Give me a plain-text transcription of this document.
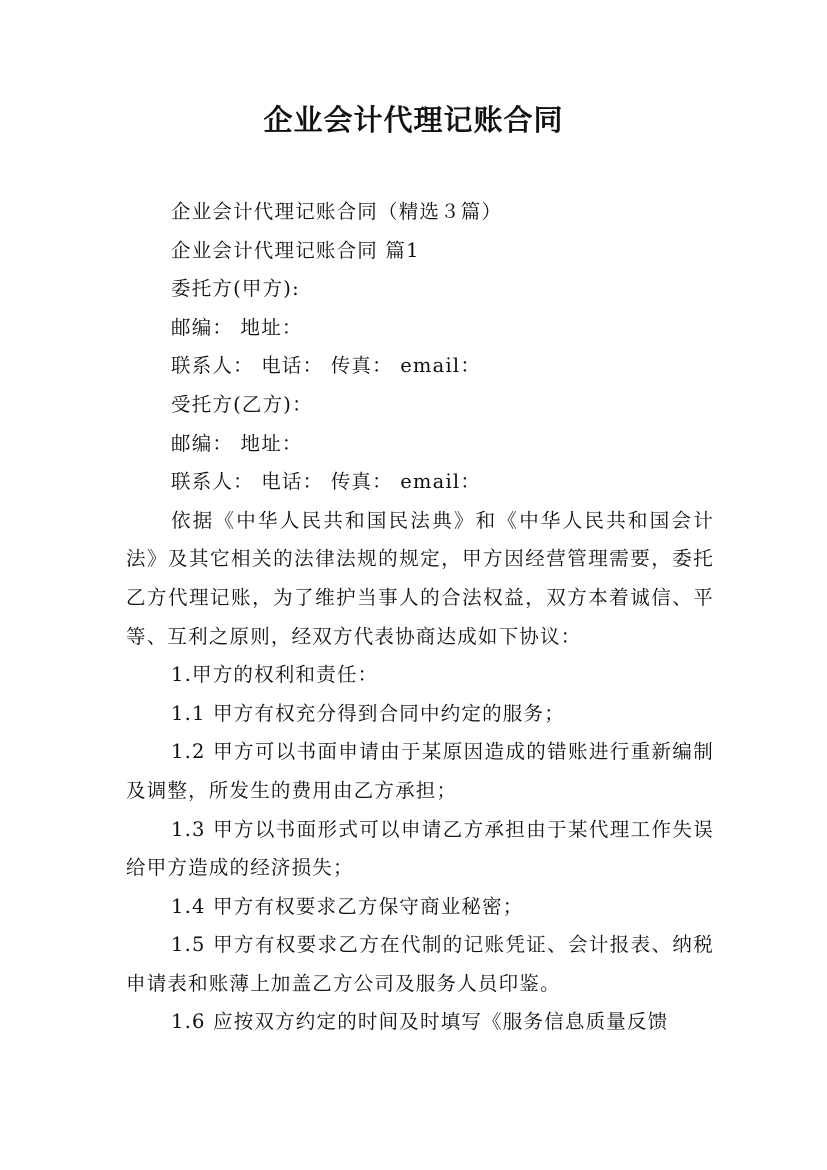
企业会计代理记账合同
企业会计代理记账合同（精选３篇）
企业会计代理记账合同 篇1
委托方(甲方):
邮编： 地址：
联系人： 电话： 传真： email：
受托方(乙方)：
邮编： 地址：
联系人： 电话： 传真： email：

依据《中华人民共和国民法典》和《中华人民共和国会计法》及其它相关的法律法规的规定，甲方因经营管理需要，委托乙方代理记账，为了维护当事人的合法权益，双方本着诚信、平等、互利之原则，经双方代表协商达成如下协议：

1.甲方的权利和责任：

1.1 甲方有权充分得到合同中约定的服务；

1.2 甲方可以书面申请由于某原因造成的错账进行重新编制及调整，所发生的费用由乙方承担；

1.3 甲方以书面形式可以申请乙方承担由于某代理工作失误给甲方造成的经济损失；

1.4 甲方有权要求乙方保守商业秘密；

1.5 甲方有权要求乙方在代制的记账凭证、会计报表、纳税申请表和账薄上加盖乙方公司及服务人员印鉴。

1.6 应按双方约定的时间及时填写《服务信息质量反馈
